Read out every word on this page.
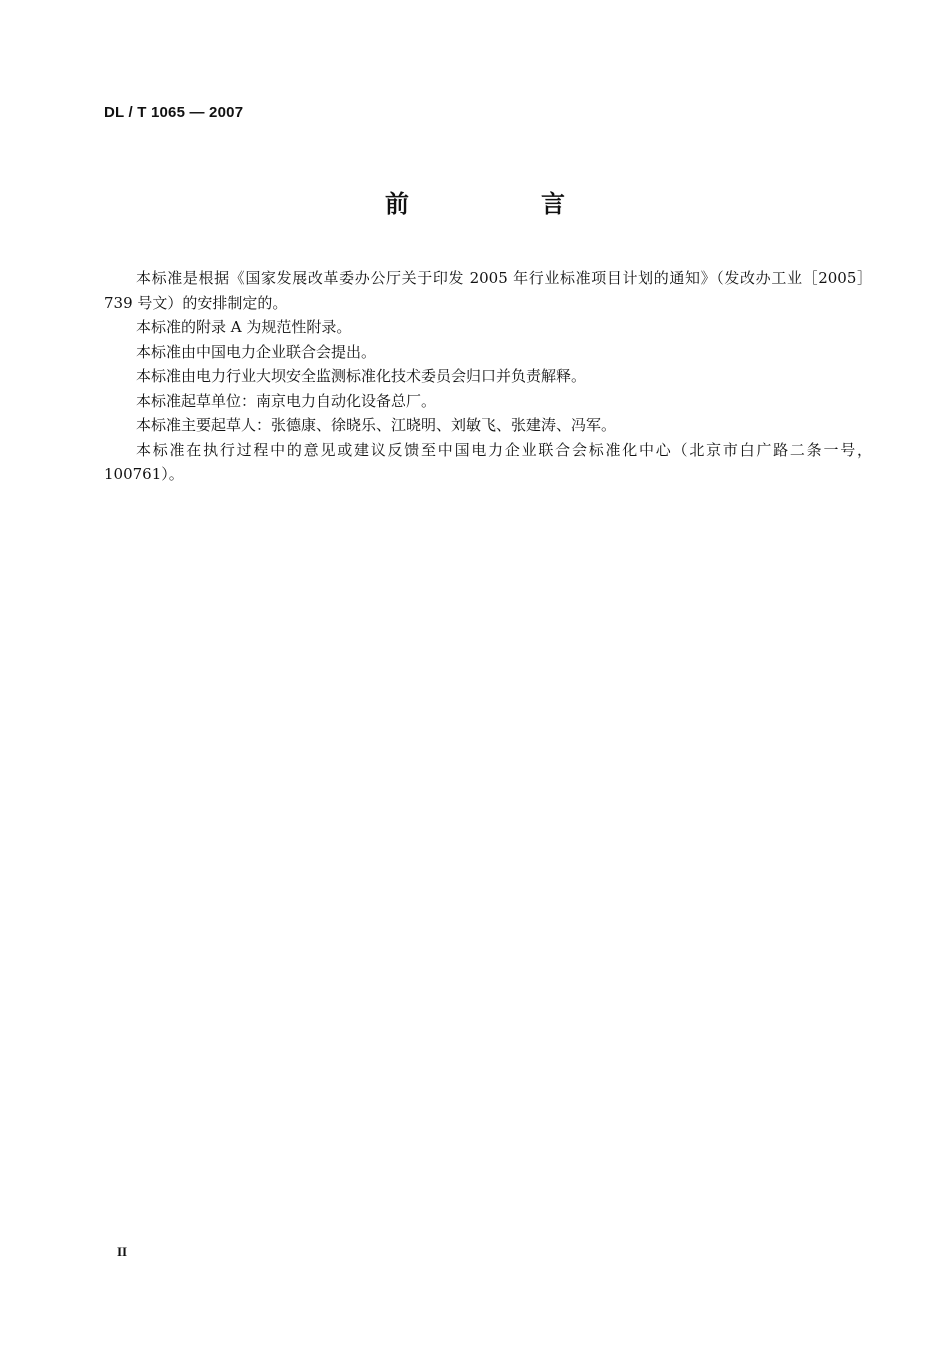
DL / T 1065 — 2007
前　言

本标准是根据《国家发展改革委办公厅关于印发 2005 年行业标准项目计划的通知》（发改办工业［2005］739 号文）的安排制定的。

本标准的附录 A 为规范性附录。

本标准由中国电力企业联合会提出。

本标准由电力行业大坝安全监测标准化技术委员会归口并负责解释。

本标准起草单位：南京电力自动化设备总厂。

本标准主要起草人：张德康、徐晓乐、江晓明、刘敏飞、张建涛、冯军。

本标准在执行过程中的意见或建议反馈至中国电力企业联合会标准化中心（北京市白广路二条一号，100761）。

II
